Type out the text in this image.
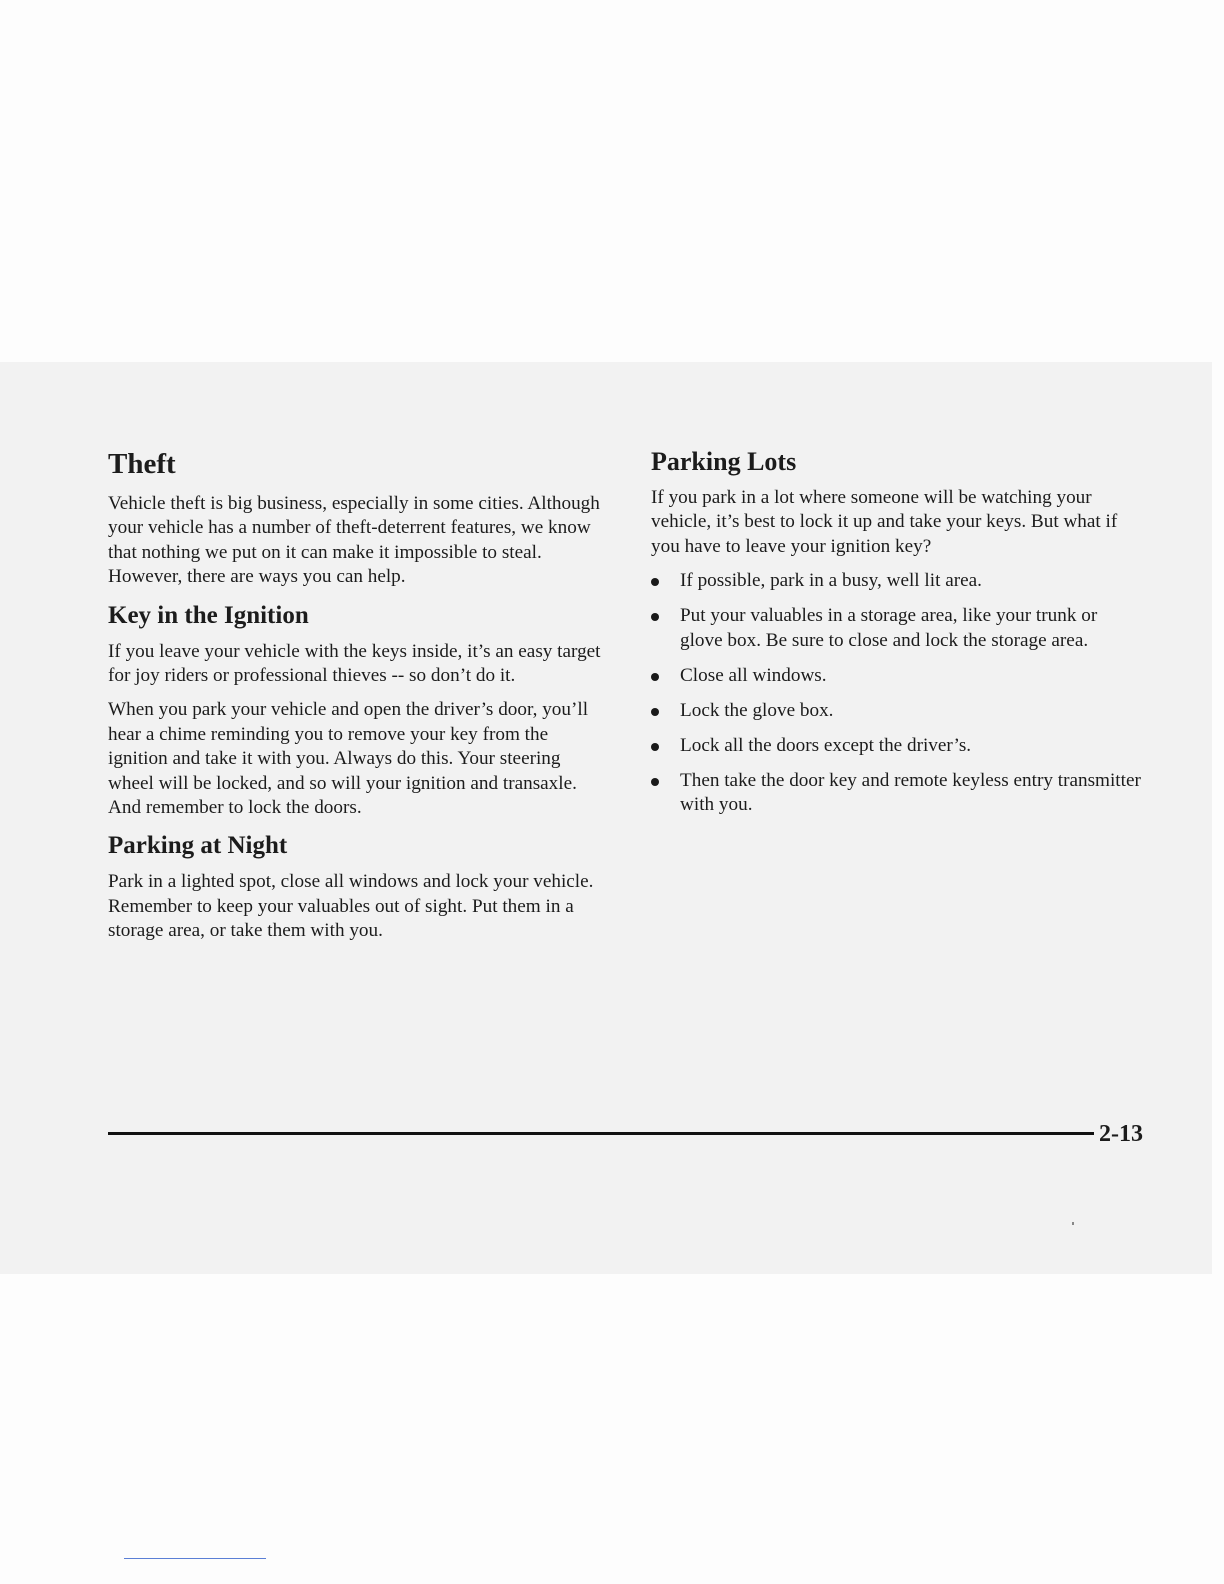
Theft

Vehicle theft is big business, especially in some cities. Although your vehicle has a number of theft-deterrent features, we know that nothing we put on it can make it impossible to steal. However, there are ways you can help.

Key in the Ignition

If you leave your vehicle with the keys inside, it’s an easy target for joy riders or professional thieves -- so don’t do it.

When you park your vehicle and open the driver’s door, you’ll hear a chime reminding you to remove your key from the ignition and take it with you. Always do this. Your steering wheel will be locked, and so will your ignition and transaxle. And remember to lock the doors.

Parking at Night

Park in a lighted spot, close all windows and lock your vehicle. Remember to keep your valuables out of sight. Put them in a storage area, or take them with you.

Parking Lots

If you park in a lot where someone will be watching your vehicle, it’s best to lock it up and take your keys. But what if you have to leave your ignition key?

If possible, park in a busy, well lit area.
Put your valuables in a storage area, like your trunk or glove box. Be sure to close and lock the storage area.
Close all windows.
Lock the glove box.
Lock all the doors except the driver’s.
Then take the door key and remote keyless entry transmitter with you.
2-13
